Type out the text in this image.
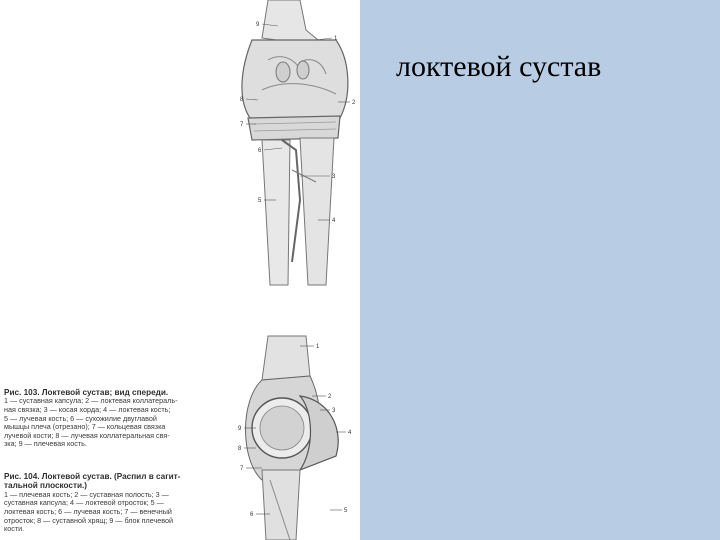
9
1
8	2
7
6
3
5
4
1
2
3
9
4
8
7
6
5
Рис. 103. Локтевой сустав; вид спереди.
1 — суставная капсула; 2 — локтевая коллатераль-
ная связка; 3 — косая хорда; 4 — локтевая кость;
5 — лучевая кость; 6 — сухожилие двуглавой
мышцы плеча (отрезано); 7 — кольцевая связка
лучевой кости; 8 — лучевая коллатеральная свя-
зка; 9 — плечевая кость.
Рис. 104. Локтевой сустав. (Распил в сагит-
тальной плоскости.)
1 — плечевая кость; 2 — суставная полость; 3 —
суставная капсула; 4 — локтевой отросток; 5 —
локтевая кость; 6 — лучевая кость; 7 — венечный
отросток; 8 — суставной хрящ; 9 — блок плечевой
кости.
локтевой сустав
